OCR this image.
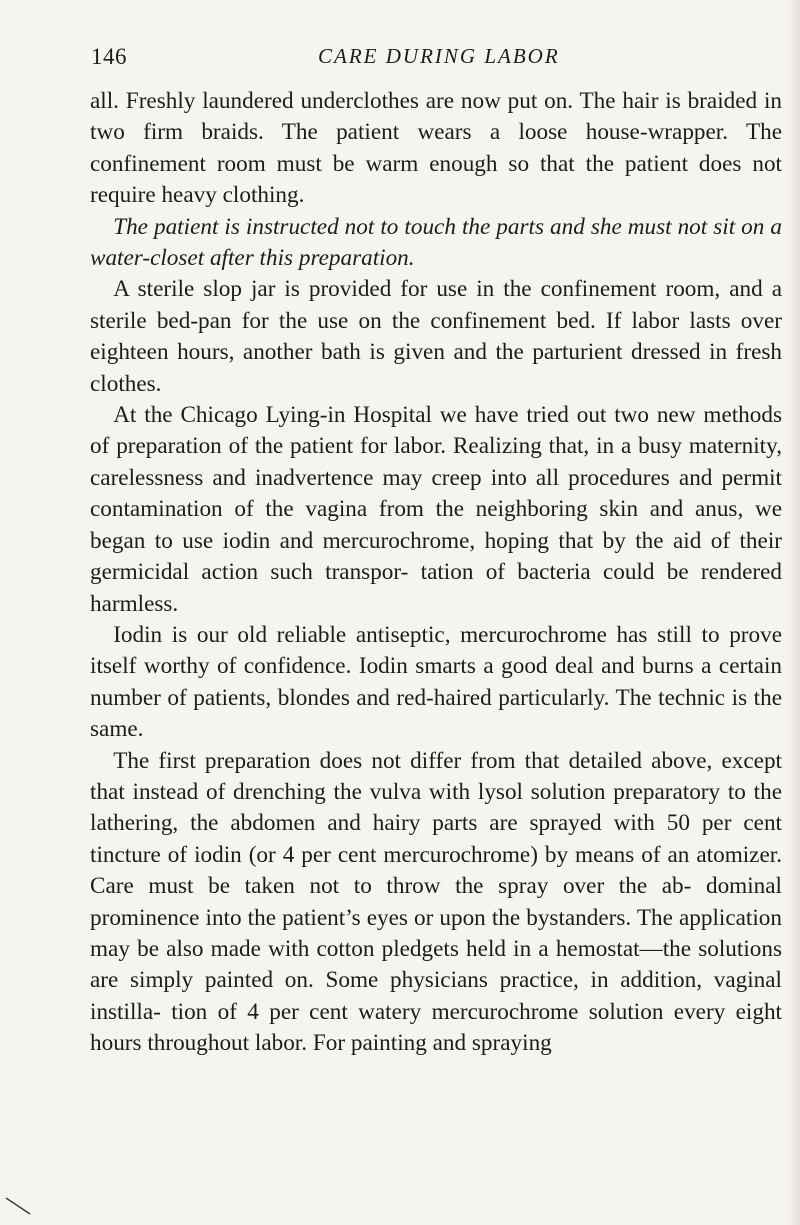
146	CARE DURING LABOR

all. Freshly laundered underclothes are now put on. The hair is braided in two firm braids. The patient wears a loose house-wrapper. The confinement room must be warm enough so that the patient does not require heavy clothing.

The patient is instructed not to touch the parts and she must not sit on a water-closet after this preparation.

A sterile slop jar is provided for use in the confinement room, and a sterile bed-pan for the use on the confinement bed. If labor lasts over eighteen hours, another bath is given and the parturient dressed in fresh clothes.

At the Chicago Lying-in Hospital we have tried out two new methods of preparation of the patient for labor. Realizing that, in a busy maternity, carelessness and inadvertence may creep into all procedures and permit contamination of the vagina from the neighboring skin and anus, we began to use iodin and mercurochrome, hoping that by the aid of their germicidal action such transpor- tation of bacteria could be rendered harmless.

Iodin is our old reliable antiseptic, mercurochrome has still to prove itself worthy of confidence. Iodin smarts a good deal and burns a certain number of patients, blondes and red-haired particularly. The technic is the same.

The first preparation does not differ from that detailed above, except that instead of drenching the vulva with lysol solution preparatory to the lathering, the abdomen and hairy parts are sprayed with 50 per cent tincture of iodin (or 4 per cent mercurochrome) by means of an atomizer. Care must be taken not to throw the spray over the ab- dominal prominence into the patient’s eyes or upon the bystanders. The application may be also made with cotton pledgets held in a hemostat—the solutions are simply painted on. Some physicians practice, in addition, vaginal instilla- tion of 4 per cent watery mercurochrome solution every eight hours throughout labor. For painting and spraying
